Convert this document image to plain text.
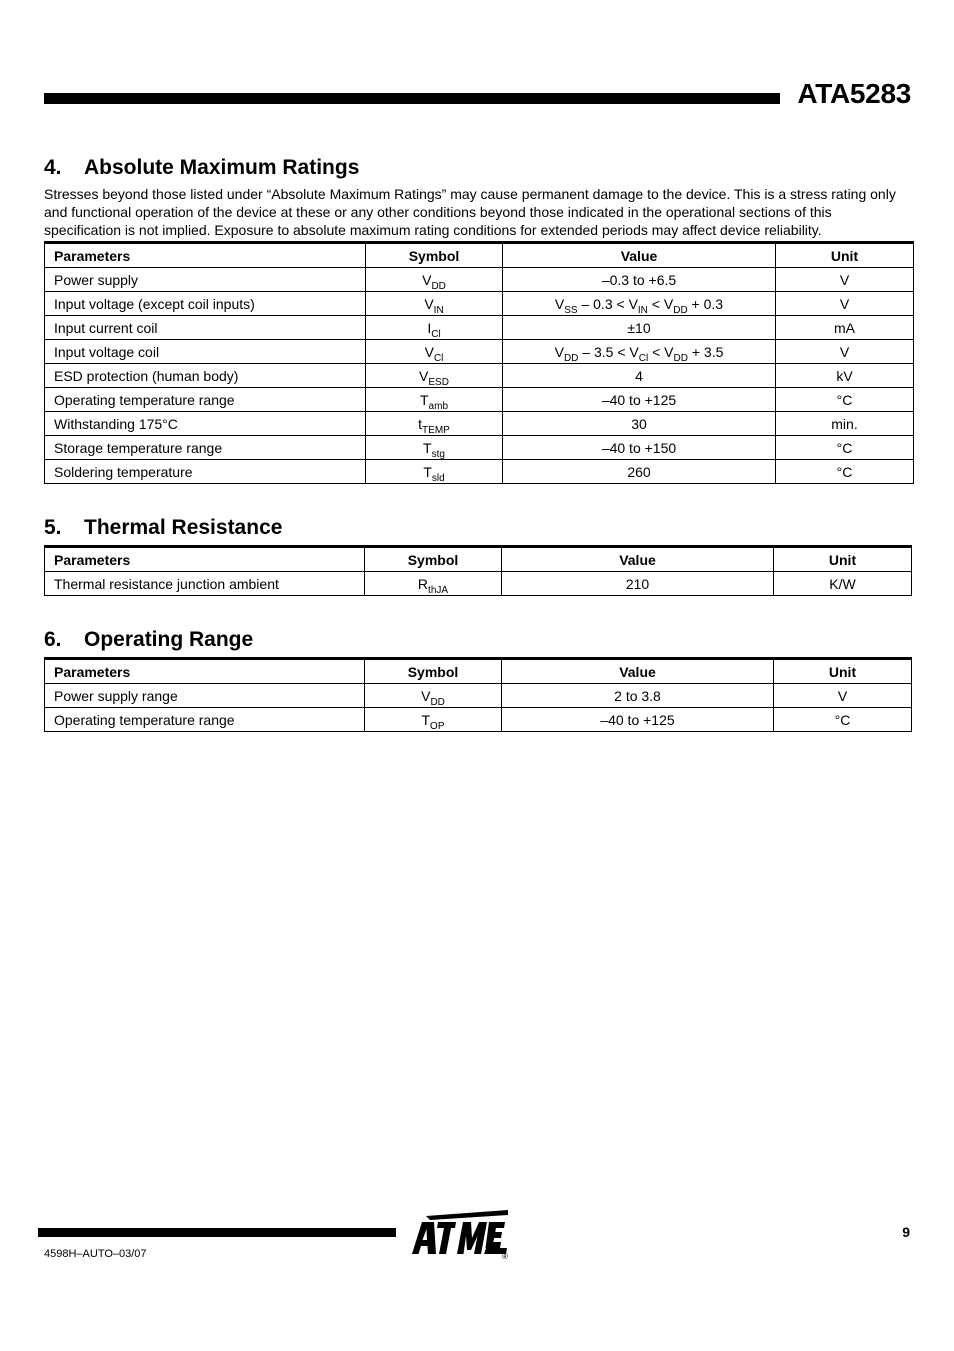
ATA5283
4. Absolute Maximum Ratings

Stresses beyond those listed under “Absolute Maximum Ratings” may cause permanent damage to the device. This is a stress rating only and functional operation of the device at these or any other conditions beyond those indicated in the operational sections of this specification is not implied. Exposure to absolute maximum rating conditions for extended periods may affect device reliability.

Parameters	Symbol	Value	Unit
Power supply	$V_{DD}$	–0.3 to +6.5	V
Input voltage (except coil inputs)	$V_{IN}$	$V_{SS} - 0.3 < V_{IN} < V_{DD} + 0.3$	V
Input current coil	$I_{Cl}$	±10	mA
Input voltage coil	$V_{Cl}$	$V_{DD} - 3.5 < V_{Cl} < V_{DD} + 3.5$	V
ESD protection (human body)	$V_{ESD}$	4	kV
Operating temperature range	$T_{amb}$	–40 to +125	°C
Withstanding 175°C	$t_{TEMP}$	30	min.
Storage temperature range	$T_{stg}$	–40 to +150	°C
Soldering temperature	$T_{sld}$	260	°C
5. Thermal Resistance
Parameters	Symbol	Value	Unit
Thermal resistance junction ambient	$R_{thJA}$	210	K/W
6. Operating Range
Parameters	Symbol	Value	Unit
Power supply range	$V_{DD}$	2 to 3.8	V
Operating temperature range	$T_{OP}$	–40 to +125	°C
®
4598H–AUTO–03/07
9
